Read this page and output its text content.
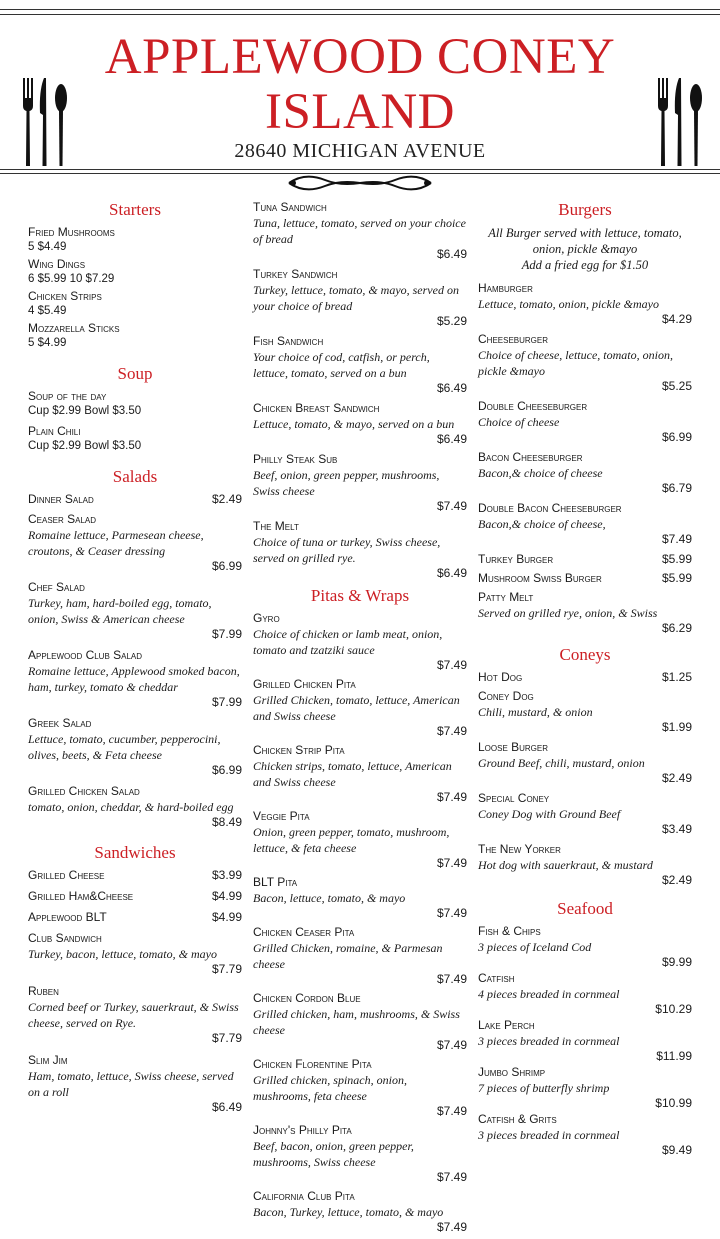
APPLEWOOD CONEY
ISLAND
28640 MICHIGAN AVENUE
Starters
Fried Mushrooms
5 $4.49
Wing Dings
6 $5.99 10 $7.29
Chicken Strips
4 $5.49
Mozzarella Sticks
5 $4.99
Soup
Soup of the day
Cup $2.99 Bowl $3.50
Plain Chili
Cup $2.99 Bowl $3.50
Salads
Dinner Salad	$2.49
Ceaser Salad
Romaine lettuce, Parmesean cheese, croutons, & Ceaser dressing
$6.99
Chef Salad
Turkey, ham, hard-boiled egg, tomato, onion, Swiss & American cheese
$7.99
Applewood Club Salad
Romaine lettuce, Applewood smoked bacon, ham, turkey, tomato & cheddar
$7.99
Greek Salad
Lettuce, tomato, cucumber, pepperocini, olives, beets, & Feta cheese
$6.99
Grilled Chicken Salad
tomato, onion, cheddar, & hard-boiled egg
$8.49
Sandwiches
Grilled Cheese	$3.99
Grilled Ham&Cheese	$4.99
Applewood BLT	$4.99
Club Sandwich
Turkey, bacon, lettuce, tomato, & mayo
$7.79
Ruben
Corned beef or Turkey, sauerkraut, & Swiss cheese, served on Rye.
$7.79
Slim Jim
Ham, tomato, lettuce, Swiss cheese, served on a roll
$6.49
Tuna Sandwich
Tuna, lettuce, tomato, served on your choice of bread
$6.49
Turkey Sandwich
Turkey, lettuce, tomato, & mayo, served on your choice of bread
$5.29
Fish Sandwich
Your choice of cod, catfish, or perch, lettuce, tomato, served on a bun
$6.49
Chicken Breast Sandwich
Lettuce, tomato, & mayo, served on a bun
$6.49
Philly Steak Sub
Beef, onion, green pepper, mushrooms, Swiss cheese
$7.49
The Melt
Choice of tuna or turkey, Swiss cheese, served on grilled rye.
$6.49
Pitas & Wraps
Gyro
Choice of chicken or lamb meat, onion, tomato and tzatziki sauce
$7.49
Grilled Chicken Pita
Grilled Chicken, tomato, lettuce, American and Swiss cheese
$7.49
Chicken Strip Pita
Chicken strips, tomato, lettuce, American and Swiss cheese
$7.49
Veggie Pita
Onion, green pepper, tomato, mushroom, lettuce, & feta cheese
$7.49
BLT Pita
Bacon, lettuce, tomato, & mayo
$7.49
Chicken Ceaser Pita
Grilled Chicken, romaine, & Parmesan cheese
$7.49
Chicken Cordon Blue
Grilled chicken, ham, mushrooms, & Swiss cheese
$7.49
Chicken Florentine Pita
Grilled chicken, spinach, onion, mushrooms, feta cheese
$7.49
Johnny's Philly Pita
Beef, bacon, onion, green pepper, mushrooms, Swiss cheese
$7.49
California Club Pita
Bacon, Turkey, lettuce, tomato, & mayo
$7.49
Burgers
All Burger served with lettuce, tomato, onion, pickle &mayo
Add a fried egg for $1.50
Hamburger
Lettuce, tomato, onion, pickle &mayo
$4.29
Cheeseburger
Choice of cheese, lettuce, tomato, onion, pickle &mayo
$5.25
Double Cheeseburger
Choice of cheese
$6.99
Bacon Cheeseburger
Bacon,& choice of cheese
$6.79
Double Bacon Cheeseburger
Bacon,& choice of cheese,
$7.49
Turkey Burger	$5.99
Mushroom Swiss Burger	$5.99
Patty Melt
Served on grilled rye, onion, & Swiss
$6.29
Coneys
Hot Dog	$1.25
Coney Dog
Chili, mustard, & onion
$1.99
Loose Burger
Ground Beef, chili, mustard, onion
$2.49
Special Coney
Coney Dog with Ground Beef
$3.49
The New Yorker
Hot dog with sauerkraut, & mustard
$2.49
Seafood
Fish & Chips
3 pieces of Iceland Cod
$9.99
Catfish
4 pieces breaded in cornmeal
$10.29
Lake Perch
3 pieces breaded in cornmeal
$11.99
Jumbo Shrimp
7 pieces of butterfly shrimp
$10.99
Catfish & Grits
3 pieces breaded in cornmeal
$9.49
